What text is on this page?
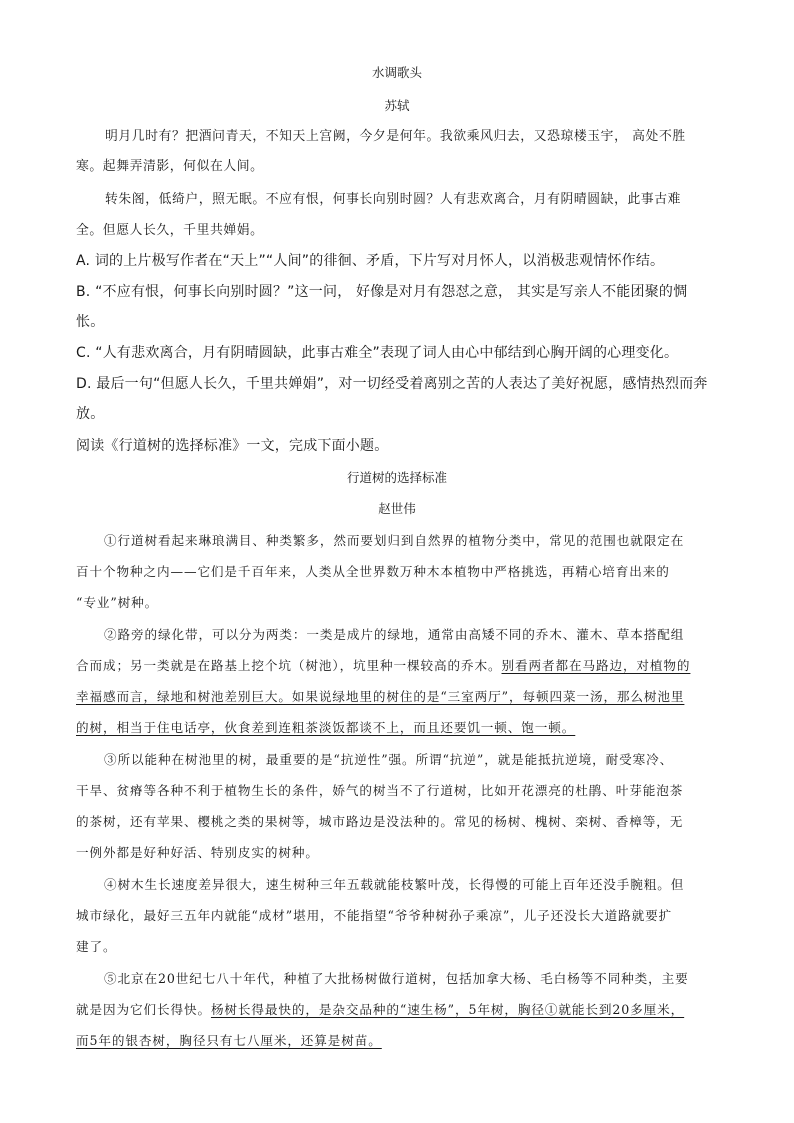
水调歌头
苏轼
明月几时有？把酒问青天，不知天上宫阙，今夕是何年。我欲乘风归去，又恐琼楼玉宇， 高处不胜
寒。起舞弄清影，何似在人间。
转朱阁，低绮户，照无眠。不应有恨，何事长向别时圆？人有悲欢离合，月有阴晴圆缺，此事古难
全。但愿人长久，千里共婵娟。
A. 词的上片极写作者在“天上”“人间”的徘徊、矛盾，下片写对月怀人，以消极悲观情怀作结。
B. “不应有恨，何事长向别时圆？”这一问， 好像是对月有怨怼之意， 其实是写亲人不能团聚的惆
怅。
C. “人有悲欢离合，月有阴晴圆缺，此事古难全”表现了词人由心中郁结到心胸开阔的心理变化。
D. 最后一句“但愿人长久，千里共婵娟”，对一切经受着离别之苦的人表达了美好祝愿，感情热烈而奔
放。
阅读《行道树的选择标准》一文，完成下面小题。
行道树的选择标准
赵世伟
①行道树看起来琳琅满目、种类繁多，然而要划归到自然界的植物分类中，常见的范围也就限定在
百十个物种之内——它们是千百年来，人类从全世界数万种木本植物中严格挑选，再精心培育出来的
“专业”树种。
②路旁的绿化带，可以分为两类：一类是成片的绿地，通常由高矮不同的乔木、灌木、草本搭配组
合而成；另一类就是在路基上挖个坑（树池），坑里种一棵较高的乔木。别看两者都在马路边，对植物的
幸福感而言，绿地和树池差别巨大。如果说绿地里的树住的是“三室两厅”，每顿四菜一汤，那么树池里
的树，相当于住电话亭，伙食差到连粗茶淡饭都谈不上，而且还要饥一顿、饱一顿。
③所以能种在树池里的树，最重要的是“抗逆性”强。所谓“抗逆”，就是能抵抗逆境，耐受寒冷、
干旱、贫瘠等各种不利于植物生长的条件，娇气的树当不了行道树，比如开花漂亮的杜鹃、叶芽能泡茶
的茶树，还有苹果、樱桃之类的果树等，城市路边是没法种的。常见的杨树、槐树、栾树、香樟等，无
一例外都是好种好活、特别皮实的树种。
④树木生长速度差异很大，速生树种三年五载就能枝繁叶茂，长得慢的可能上百年还没手腕粗。但
城市绿化，最好三五年内就能“成材”堪用，不能指望“爷爷种树孙子乘凉”，儿子还没长大道路就要扩
建了。
⑤北京在20世纪七八十年代，种植了大批杨树做行道树，包括加拿大杨、毛白杨等不同种类，主要
就是因为它们长得快。杨树长得最快的，是杂交品种的“速生杨”，5年树，胸径①就能长到20多厘米，
而5年的银杏树，胸径只有七八厘米，还算是树苗。
